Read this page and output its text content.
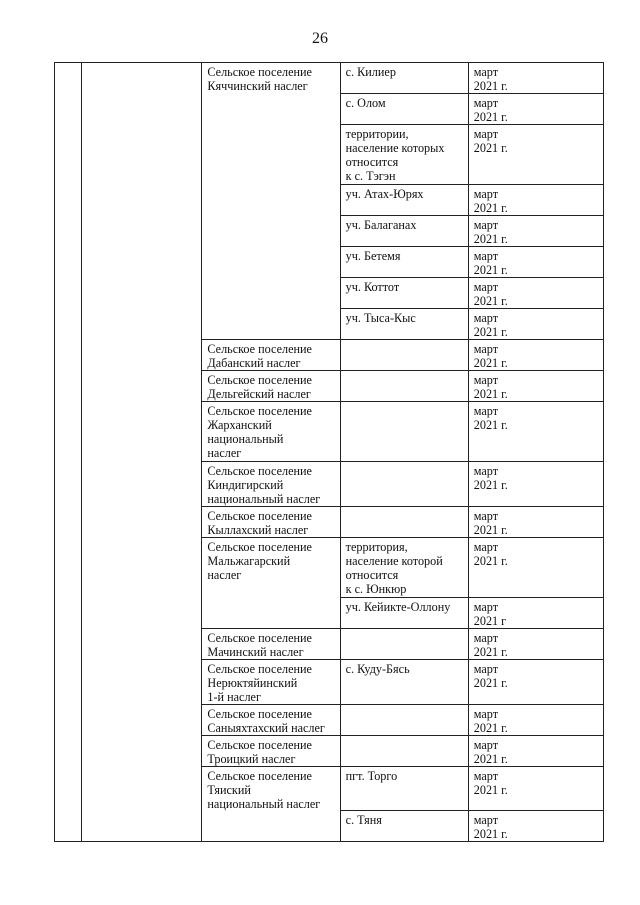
26
		Сельское поселение
Кяччинский наслег	с. Килиер	март
2021 г.

			с. Олом	март
2021 г.

			территории,
население которых
относится
к с. Тэгэн	март
2021 г.

			уч. Атах-Юрях	март
2021 г.

			уч. Балаганах	март
2021 г.

			уч. Бетемя	март
2021 г.

			уч. Коттот	март
2021 г.

			уч. Тыса-Кыс	март
2021 г.

		Сельское поселение
Дабанский наслег		март
2021 г.

		Сельское поселение
Дельгейский наслег		март
2021 г.

		Сельское поселение
Жарханский
национальный
наслег		март
2021 г.

		Сельское поселение
Киндигирский
национальный наслег		март
2021 г.

		Сельское поселение
Кыллахский наслег		март
2021 г.

		Сельское поселение
Мальжагарский
наслег	территория,
население которой
относится
к с. Юнкюр	март
2021 г.

			уч. Кейикте-Оллону	март
2021 г

		Сельское поселение
Мачинский наслег		март
2021 г.

		Сельское поселение
Нерюктяйинский
1-й наслег	с. Куду-Бясь	март
2021 г.

		Сельское поселение
Саныяхтахский наслег		март
2021 г.

		Сельское поселение
Троицкий наслег		март
2021 г.

		Сельское поселение
Тяиский
национальный наслег	пгт. Торго	март
2021 г.

			с. Тяня	март
2021 г.
